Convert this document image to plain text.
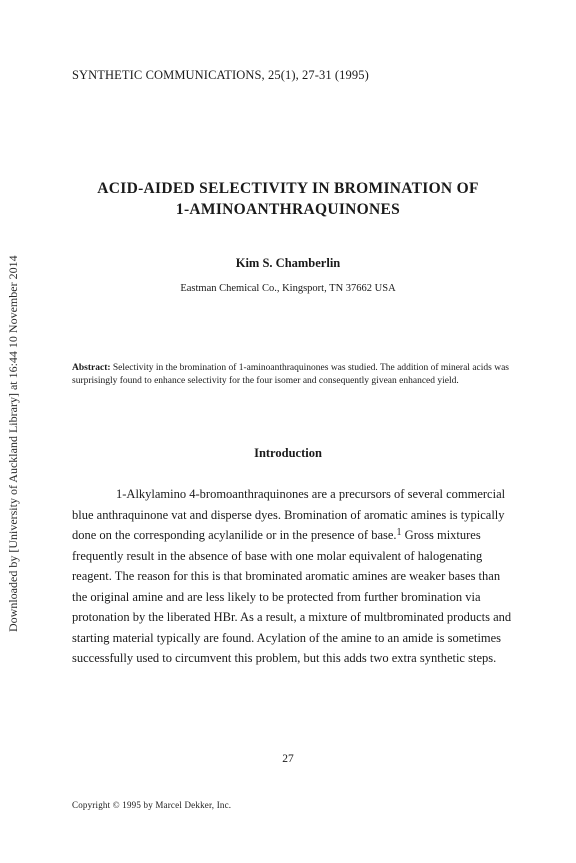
SYNTHETIC COMMUNICATIONS, 25(1), 27-31 (1995)
ACID-AIDED SELECTIVITY IN BROMINATION OF
1-AMINOANTHRAQUINONES
Kim S. Chamberlin
Eastman Chemical Co., Kingsport, TN 37662 USA
Abstract: Selectivity in the bromination of 1-aminoanthraquinones was studied. The addition of mineral acids was surprisingly found to enhance selectivity for the four isomer and consequently givean enhanced yield.
Introduction

1-Alkylamino 4-bromoanthraquinones are a precursors of several commercial blue anthraquinone vat and disperse dyes. Bromination of aromatic amines is typically done on the corresponding acylanilide or in the presence of base.$^1$ Gross mixtures frequently result in the absence of base with one molar equivalent of halogenating reagent. The reason for this is that brominated aromatic amines are weaker bases than the original amine and are less likely to be protected from further bromination via protonation by the liberated HBr. As a result, a mixture of multbrominated products and starting material typically are found. Acylation of the amine to an amide is sometimes successfully used to circumvent this problem, but this adds two extra synthetic steps.

27
Copyright © 1995 by Marcel Dekker, Inc.
Downloaded by [University of Auckland Library] at 16:44 10 November 2014
